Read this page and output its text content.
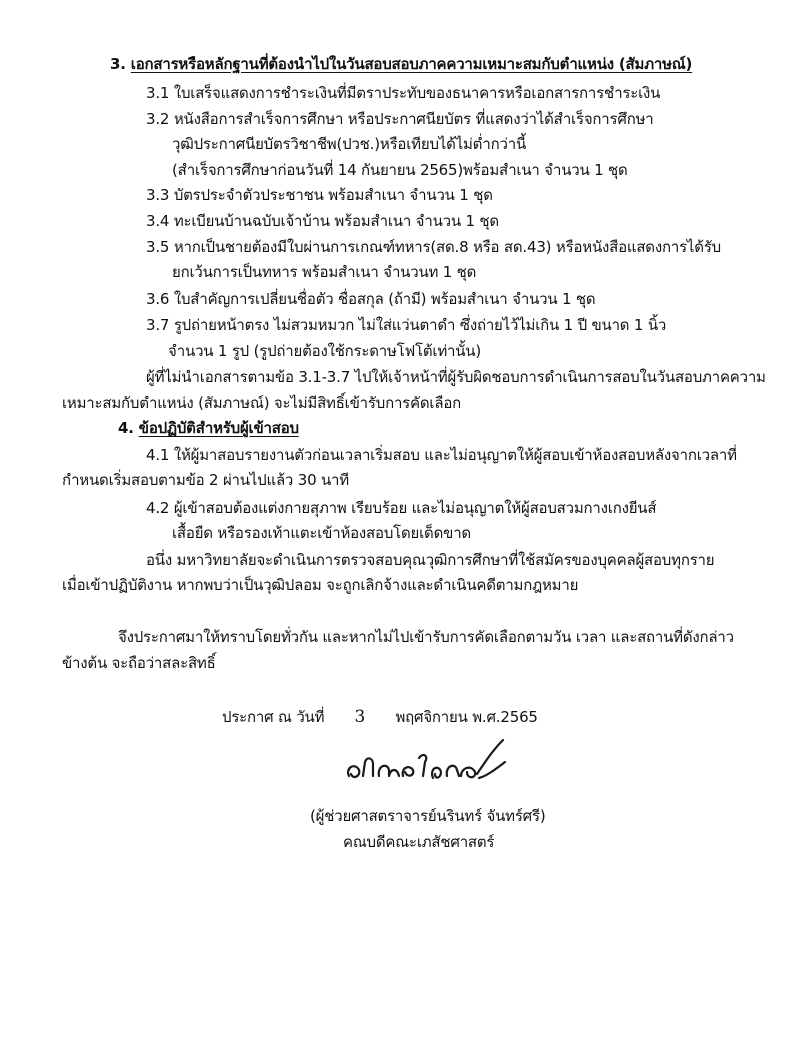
3. เอกสารหรือหลักฐานที่ต้องนำไปในวันสอบสอบภาคความเหมาะสมกับตำแหน่ง (สัมภาษณ์)
3.1 ใบเสร็จแสดงการชำระเงินที่มีตราประทับของธนาคารหรือเอกสารการชำระเงิน
3.2 หนังสือการสำเร็จการศึกษา หรือประกาศนียบัตร ที่แสดงว่าได้สำเร็จการศึกษา
วุฒิประกาศนียบัตรวิชาชีพ(ปวช.)หรือเทียบได้ไม่ต่ำกว่านี้
(สำเร็จการศึกษาก่อนวันที่ 14 กันยายน 2565)พร้อมสำเนา จำนวน 1 ชุด
3.3 บัตรประจำตัวประชาชน พร้อมสำเนา จำนวน 1 ชุด
3.4 ทะเบียนบ้านฉบับเจ้าบ้าน พร้อมสำเนา จำนวน 1 ชุด
3.5 หากเป็นชายต้องมีใบผ่านการเกณฑ์ทหาร(สด.8 หรือ สด.43) หรือหนังสือแสดงการได้รับ
ยกเว้นการเป็นทหาร พร้อมสำเนา จำนวนท 1 ชุด
3.6 ใบสำคัญการเปลี่ยนชื่อตัว ชื่อสกุล (ถ้ามี) พร้อมสำเนา จำนวน 1 ชุด
3.7 รูปถ่ายหน้าตรง ไม่สวมหมวก ไม่ใส่แว่นตาดำ ซึ่งถ่ายไว้ไม่เกิน 1 ปี ขนาด 1 นิ้ว
จำนวน 1 รูป (รูปถ่ายต้องใช้กระดาษโฟโต้เท่านั้น)
ผู้ที่ไม่นำเอกสารตามข้อ 3.1-3.7 ไปให้เจ้าหน้าที่ผู้รับผิดชอบการดำเนินการสอบในวันสอบภาคความ
เหมาะสมกับตำแหน่ง (สัมภาษณ์) จะไม่มีสิทธิ์เข้ารับการคัดเลือก
4. ข้อปฏิบัติสำหรับผู้เข้าสอบ
4.1 ให้ผู้มาสอบรายงานตัวก่อนเวลาเริ่มสอบ และไม่อนุญาตให้ผู้สอบเข้าห้องสอบหลังจากเวลาที่
กำหนดเริ่มสอบตามข้อ 2 ผ่านไปแล้ว 30 นาที
4.2 ผู้เข้าสอบต้องแต่งกายสุภาพ เรียบร้อย และไม่อนุญาตให้ผู้สอบสวมกางเกงยีนส์
เสื้อยืด หรือรองเท้าแตะเข้าห้องสอบโดยเด็ดขาด
อนึ่ง มหาวิทยาลัยจะดำเนินการตรวจสอบคุณวุฒิการศึกษาที่ใช้สมัครของบุคคลผู้สอบทุกราย
เมื่อเข้าปฏิบัติงาน หากพบว่าเป็นวุฒิปลอม จะถูกเลิกจ้างและดำเนินคดีตามกฎหมาย
จึงประกาศมาให้ทราบโดยทั่วกัน และหากไม่ไปเข้ารับการคัดเลือกตามวัน เวลา และสถานที่ดังกล่าว
ข้างต้น จะถือว่าสละสิทธิ์
ประกาศ ณ วันที่ 3 พฤศจิกายน พ.ศ.2565
(ผู้ช่วยศาสตราจารย์นรินทร์ จันทร์ศรี)
คณบดีคณะเภสัชศาสตร์
